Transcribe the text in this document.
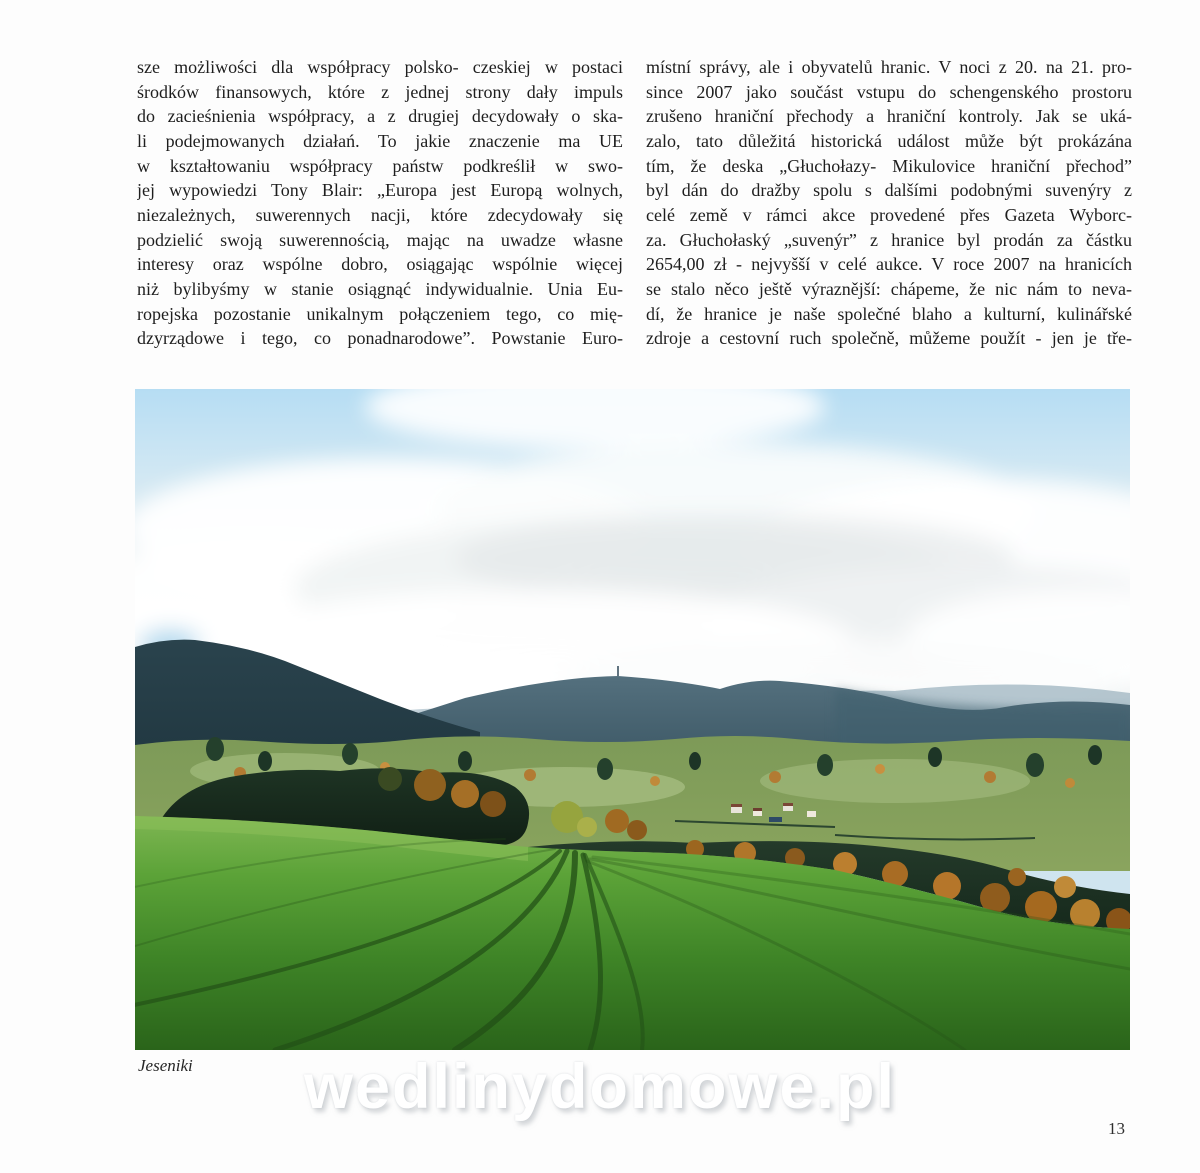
sze możliwości dla współpracy polsko- czeskiej w postaci
środków finansowych, które z jednej strony dały impuls
do zacieśnienia współpracy, a z drugiej decydowały o ska-
li podejmowanych działań. To jakie znaczenie ma UE
w kształtowaniu współpracy państw podkreślił w swo-
jej wypowiedzi Tony Blair: „Europa jest Europą wolnych,
niezależnych, suwerennych nacji, które zdecydowały się
podzielić swoją suwerennością, mając na uwadze własne
interesy oraz wspólne dobro, osiągając wspólnie więcej
niż bylibyśmy w stanie osiągnąć indywidualnie. Unia Eu-
ropejska pozostanie unikalnym połączeniem tego, co mię-
dzyrządowe i tego, co ponadnarodowe”. Powstanie Euro-
místní správy, ale i obyvatelů hranic. V noci z 20. na 21. pro-
since 2007 jako součást vstupu do schengenského prostoru
zrušeno hraniční přechody a hraniční kontroly. Jak se uká-
zalo, tato důležitá historická událost může být prokázána
tím, že deska „Głuchołazy- Mikulovice hraniční přechod”
byl dán do dražby spolu s dalšími podobnými suvenýry z
celé země v rámci akce provedené přes Gazeta Wyborc-
za. Głuchołaský „suvenýr” z hranice byl prodán za částku
2654,00 zł - nejvyšší v celé aukce. V roce 2007 na hranicích
se stalo něco ještě výraznější: chápeme, že nic nám to neva-
dí, že hranice je naše společné blaho a kulturní, kulinářské
zdroje a cestovní ruch společně, můžeme použít - jen je tře-
Jeseniki wedlinydomowe.pl
13
